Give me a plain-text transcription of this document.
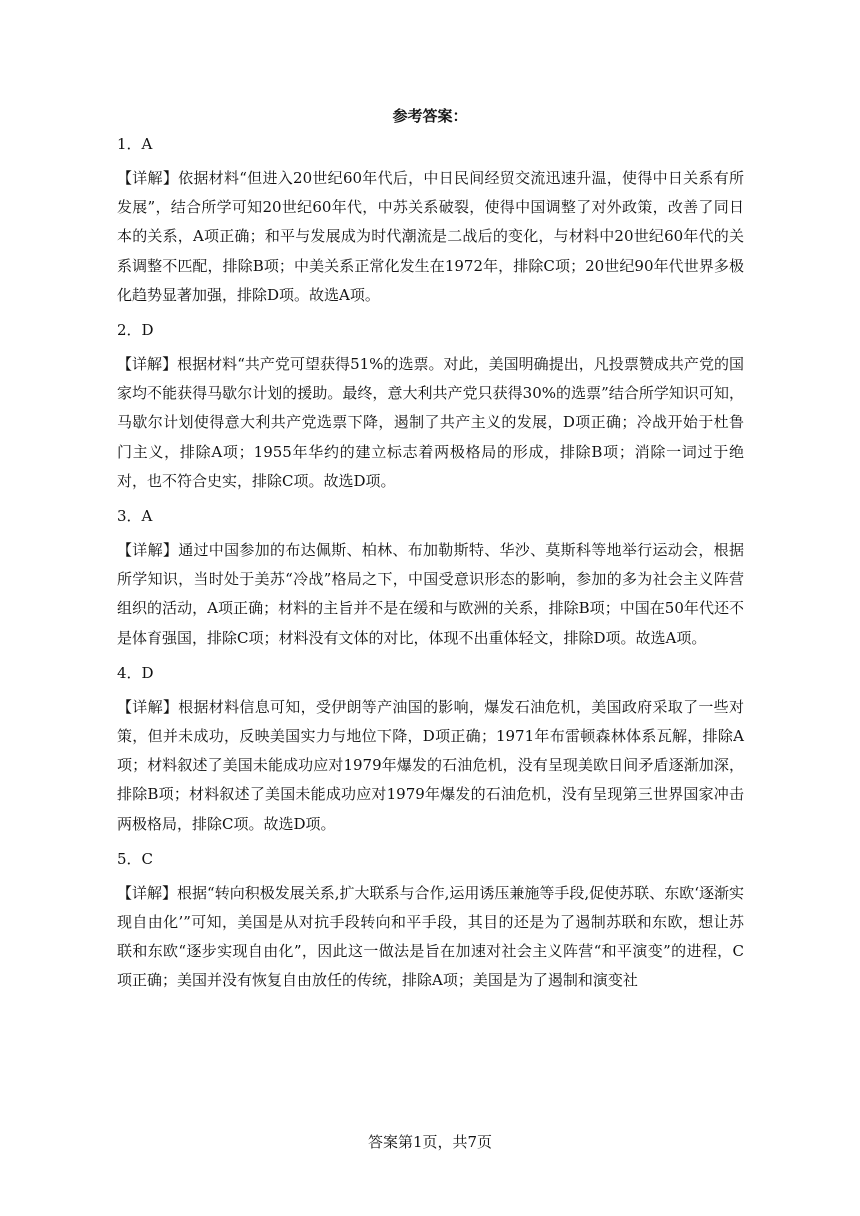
参考答案：
1．A

【详解】依据材料“但进入20世纪60年代后，中日民间经贸交流迅速升温，使得中日关系有所发展”，结合所学可知20世纪60年代，中苏关系破裂，使得中国调整了对外政策，改善了同日本的关系，A项正确；和平与发展成为时代潮流是二战后的变化，与材料中20世纪60年代的关系调整不匹配，排除B项；中美关系正常化发生在1972年，排除C项；20世纪90年代世界多极化趋势显著加强，排除D项。故选A项。

2．D

【详解】根据材料“共产党可望获得51%的选票。对此，美国明确提出，凡投票赞成共产党的国家均不能获得马歇尔计划的援助。最终，意大利共产党只获得30%的选票”结合所学知识可知，马歇尔计划使得意大利共产党选票下降，遏制了共产主义的发展，D项正确；冷战开始于杜鲁门主义，排除A项；1955年华约的建立标志着两极格局的形成，排除B项；消除一词过于绝对，也不符合史实，排除C项。故选D项。

3．A

【详解】通过中国参加的布达佩斯、柏林、布加勒斯特、华沙、莫斯科等地举行运动会，根据所学知识，当时处于美苏“冷战”格局之下，中国受意识形态的影响，参加的多为社会主义阵营组织的活动，A项正确；材料的主旨并不是在缓和与欧洲的关系，排除B项；中国在50年代还不是体育强国，排除C项；材料没有文体的对比，体现不出重体轻文，排除D项。故选A项。

4．D

【详解】根据材料信息可知，受伊朗等产油国的影响，爆发石油危机，美国政府采取了一些对策，但并未成功，反映美国实力与地位下降，D项正确；1971年布雷顿森林体系瓦解，排除A项；材料叙述了美国未能成功应对1979年爆发的石油危机，没有呈现美欧日间矛盾逐渐加深，排除B项；材料叙述了美国未能成功应对1979年爆发的石油危机，没有呈现第三世界国家冲击两极格局，排除C项。故选D项。

5．C

【详解】根据“转向积极发展关系,扩大联系与合作,运用诱压兼施等手段,促使苏联、东欧‘逐渐实现自由化’”可知，美国是从对抗手段转向和平手段，其目的还是为了遏制苏联和东欧，想让苏联和东欧“逐步实现自由化”，因此这一做法是旨在加速对社会主义阵营“和平演变”的进程，C项正确；美国并没有恢复自由放任的传统，排除A项；美国是为了遏制和演变社

答案第1页，共7页
